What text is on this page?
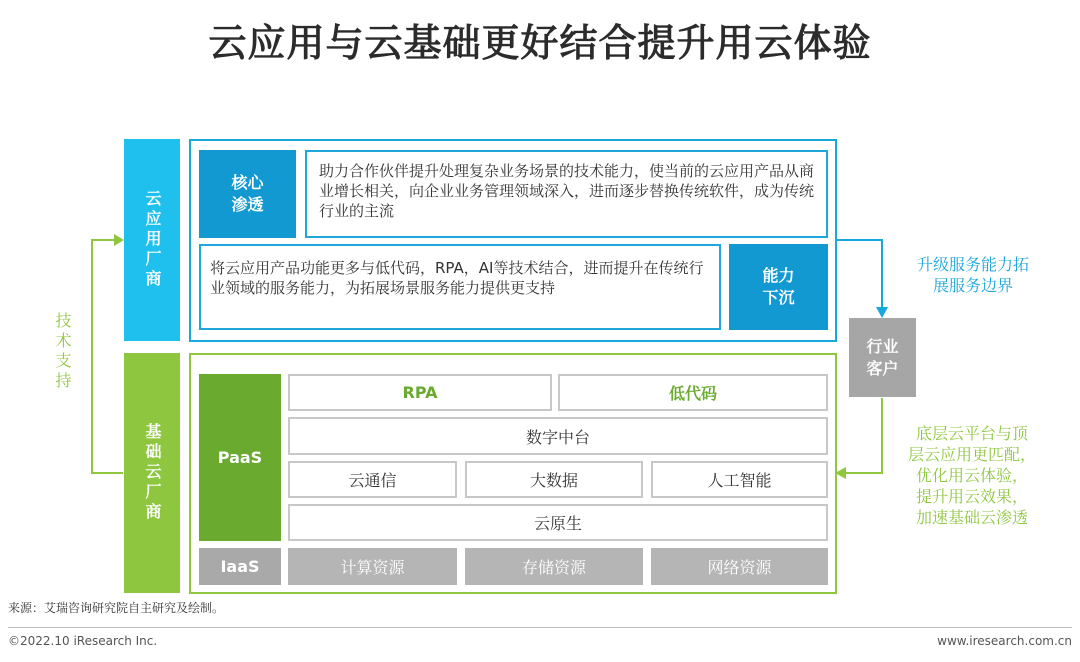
云应用与云基础更好结合提升用云体验
技术支持
云应用厂商
核心
渗透
助力合作伙伴提升处理复杂业务场景的技术能力，使当前的云应用产品从商业增长相关，向企业业务管理领域深入，进而逐步替换传统软件，成为传统行业的主流
将云应用产品功能更多与低代码，RPA，AI等技术结合，进而提升在传统行业领域的服务能力，为拓展场景服务能力提供更支持
能力
下沉
基础云厂商	PaaS
RPA	低代码
数字中台
云通信	大数据	人工智能
云原生
IaaS	计算资源	存储资源	网络资源
行业
客户
升级服务能力拓
展服务边界
底层云平台与顶
层云应用更匹配，
优化用云体验，
提升用云效果，
加速基础云渗透
来源：艾瑞咨询研究院自主研究及绘制。
©2022.10 iResearch Inc.	www.iresearch.com.cn
